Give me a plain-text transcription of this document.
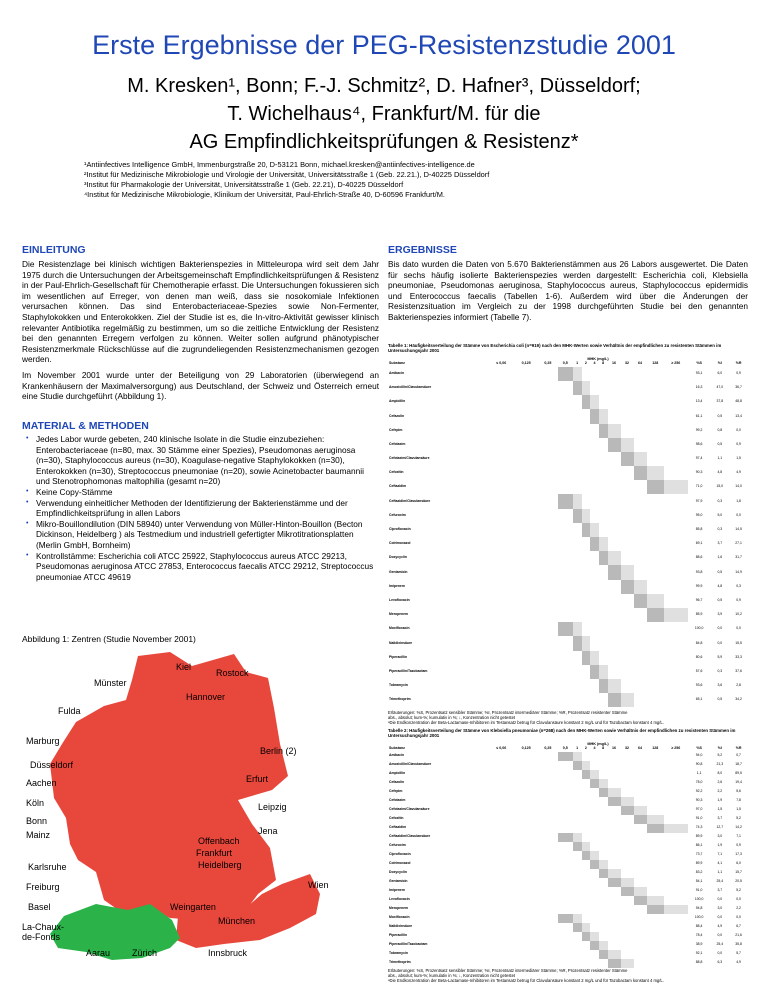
Erste Ergebnisse der PEG-Resistenzstudie 2001
M. Kresken¹, Bonn; F.-J. Schmitz², D. Hafner³, Düsseldorf;
T. Wichelhaus⁴, Frankfurt/M. für die
AG Empfindlichkeitsprüfungen & Resistenz*
¹Antiinfectives Intelligence GmbH, Immenburgstraße 20, D-53121 Bonn, michael.kresken@antiinfectives-intelligence.de
²Institut für Medizinische Mikrobiologie und Virologie der Universität, Universitätsstraße 1 (Geb. 22.21.), D-40225 Düsseldorf
³Institut für Pharmakologie der Universität, Universitätsstraße 1 (Geb. 22.21), D-40225 Düsseldorf
⁴Institut für Medizinische Mikrobiologie, Klinikum der Universität, Paul-Ehrlich-Straße 40, D-60596 Frankfurt/M.
EINLEITUNG
Die Resistenzlage bei klinisch wichtigen Bakterienspezies in Mitteleuropa wird seit dem Jahr 1975 durch die Untersuchungen der Arbeitsgemeinschaft Empfindlichkeitsprüfungen & Resistenz in der Paul-Ehrlich-Gesellschaft für Chemotherapie erfasst. Die Untersuchungen fokussieren sich im wesentlichen auf Erreger, von denen man weiß, dass sie nosokomiale Infektionen verursachen können. Das sind Enterobacteriaceae-Spezies sowie Non-Fermenter, Staphylokokken und Enterokokken. Ziel der Studie ist es, die In-vitro-Aktivität gewisser klinisch relevanter Antibiotika regelmäßig zu bestimmen, um so die zeitliche Entwicklung der Resistenz bei den genannten Erregern verfolgen zu können. Weiter sollen aufgrund phänotypischer Resistenzmerkmale Rückschlüsse auf die zugrundeliegenden Resistenzmechanismen gezogen werden.
Im November 2001 wurde unter der Beteiligung von 29 Laboratorien (überwiegend an Krankenhäusern der Maximalversorgung) aus Deutschland, der Schweiz und Österreich erneut eine Studie durchgeführt (Abbildung 1).
MATERIAL & METHODEN
• Jedes Labor wurde gebeten, 240 klinische Isolate in die Studie einzubeziehen: Enterobacteriaceae (n=80, max. 30 Stämme einer Spezies), Pseudomonas aeruginosa (n=30), Staphylococcus aureus (n=30), Koagulase-negative Staphylokokken (n=30), Enterokokken (n=30), Streptococcus pneumoniae (n=20), sowie Acinetobacter baumannii und Stenotrophomonas maltophilia (gesamt n=20)
• Keine Copy-Stämme
• Verwendung einheitlicher Methoden der Identifizierung der Bakterienstämme und der Empfindlichkeitsprüfung in allen Labors
• Mikro-Bouillondilution (DIN 58940) unter Verwendung von Müller-Hinton-Bouillon (Becton Dickinson, Heidelberg ) als Testmedium und industriell gefertigter Mikrotitrationsplatten (Merlin GmbH, Bornheim)
• Kontrollstämme: Escherichia coli ATCC 25922, Staphylococcus aureus ATCC 29213, Pseudomonas aeruginosa ATCC 27853, Enterococcus faecalis ATCC 29212, Streptococcus pneumoniae ATCC 49619
Abbildung 1: Zentren (Studie November 2001)
Kiel
Münster
Rostock
Hannover
Fulda
Marburg
Berlin (2)
Düsseldorf
Aachen	Erfurt
Köln	Leipzig
Bonn
Jena
Mainz
Offenbach
Frankfurt
Karlsruhe	Heidelberg
Freiburg	Wien
Basel	Weingarten
München
La-Chaux-de-Fonds
Aarau Zürich	Innsbruck
ERGEBNISSE
Bis dato wurden die Daten von 5.670 Bakterienstämmen aus 26 Labors ausgewertet. Die Daten für sechs häufig isolierte Bakterienspezies werden dargestellt: Escherichia coli, Klebsiella pneumoniae, Pseudomonas aeruginosa, Staphylococcus aureus, Staphylococcus epidermidis und Enterococcus faecalis (Tabellen 1-6). Außerdem wird über die Änderungen der Resistenzsituation im Vergleich zu der 1998 durchgeführten Studie bei den genannten Bakterienspezies informiert (Tabelle 7).
Tabelle 1: Häufigkeitsverteilung der Stämme von Escherichia coli (n=919) nach den MHK-Werten sowie Verhältnis der empfindlichen zu resistenten Stämmen im Untersuchungsjahr 2001
MHK (mg/L)
Substanz		≤ 0,06	0,125	0,25	0,5	1	2	4	8	16	32	64	128	≥ 256	%S	%I	%R
Amikacin															93,1	6,0	0,9
Amoxicillin/Clavulansäure															16,3	47,0	36,7
Ampicillin															13,4	37,8	48,8
Cefazolin															61,1	0,5	13,4
Cefepim															99,2	0,8	0,0
Cefotaxim															98,6	0,5	0,9
Cefotaxim/Clavulansäure															97,4	1,1	1,5
Cefoxitin															90,3	4,8	4,9
Ceftazidim															71,0	15,0	14,0
Ceftazidim/Clavulansäure															97,9	0,3	1,8
Cefuroxim															95,0	5,0	0,0
Ciprofloxacin															85,8	0,3	14,5
Cotrimoxazol															69,1	3,7	27,1
Doxycyclin															88,6	1,6	31,7
Gentamicin															93,8	0,5	14,9
Imipenem															99,9	4,8	0,3
Levofloxacin															96,7	0,5	0,9
Meropenem															85,9	3,9	10,2
Moxifloxacin															100,0	0,0	0,0
Nalidixinsäure															84,8	0,0	15,5
Piperacillin															80,6	5,9	33,3
Piperacillin/Tazobactam															57,6	0,3	37,6
Tobramycin															93,6	3,6	2,8
Trimethoprim															65,1	0,5	34,2
Erläuterungen: %S, Prozentsatz sensibler Stämme; %I, Prozentsatz intermediärer Stämme; %R, Prozentsatz resistenter Stämme
abs., absolut; kum-%; kumulativ in %; ↓, Konzentration nicht getestet
ᵃDie Endkonzentration der Beta-Lactamase-Inhibitoren im Testansatz betrug für Clavulansäure konstant 2 mg/L und für Tazobactam konstant 4 mg/L.
Tabelle 2: Häufigkeitsverteilung der Stämme von Klebsiella pneumoniae (n=268) nach den MHK-Werten sowie Verhältnis der empfindlichen zu resistenten Stämmen im Untersuchungsjahr 2001
MHK (mg/L)
Substanz		≤ 0,06	0,125	0,25	0,5	1	2	4	8	16	32	64	128	≥ 256	%S	%I	%R
Amikacin															94,0	5,2	0,7
Amoxicillin/Clavulansäure															90,8	21,3	18,7
Ampicillin															1,1	8,0	89,5
Cefazolin															78,0	2,6	19,4
Cefepim															92,2	2,2	5,6
Cefotaxim															90,3	1,9	7,8
Cefotaxim/Clavulansäure															97,0	1,5	1,5
Cefoxitin															91,0	3,7	5,2
Ceftazidim															74,3	12,7	14,2
Ceftazidim/Clavulansäure															89,9	3,0	7,1
Cefuroxim															86,1	1,9	0,9
Ciprofloxacin															73,7	7,1	17,3
Cotrimoxazol															89,9	4,1	6,0
Doxycyclin															83,2	1,1	15,7
Gentamicin															54,1	25,4	20,5
Imipenem															91,0	3,7	5,2
Levofloxacin															100,0	0,0	0,0
Meropenem															94,8	3,0	2,2
Moxifloxacin															100,0	0,0	0,0
Nalidixinsäure															88,4	4,9	6,7
Piperacillin															78,4	0,0	21,6
Piperacillin/Tazobactam															38,9	25,4	35,8
Tobramycin															92,1	0,0	5,7
Trimethoprim															88,8	6,3	4,9
Erläuterungen: %S, Prozentsatz sensibler Stämme; %I, Prozentsatz intermediärer Stämme; %R, Prozentsatz resistenter Stämme
abs., absolut; kum-%; kumulativ in %; ↓, Konzentration nicht getestet
ᵃDie Endkonzentration der Beta-Lactamase-Inhibitoren im Testansatz betrug für Clavulansäure konstant 2 mg/L und für Tazobactam konstant 4 mg/L.
